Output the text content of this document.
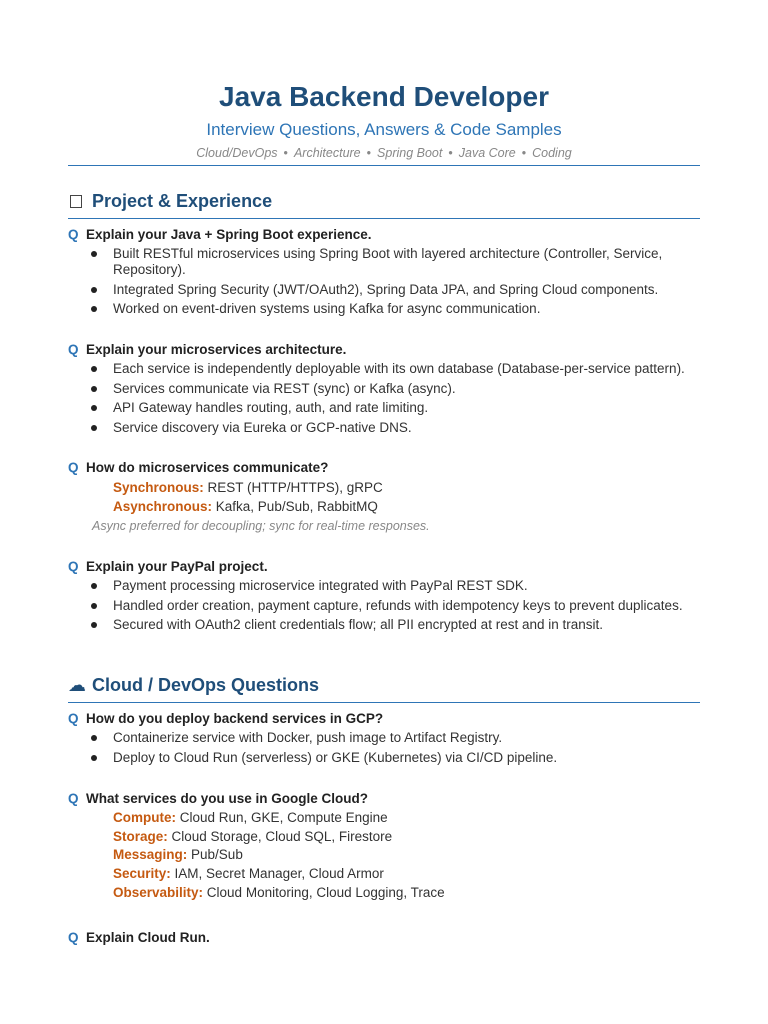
Java Backend Developer
Interview Questions, Answers & Code Samples
Cloud/DevOps • Architecture • Spring Boot • Java Core • Coding
Project & Experience
Q Explain your Java + Spring Boot experience.
Built RESTful microservices using Spring Boot with layered architecture (Controller, Service, Repository).
Integrated Spring Security (JWT/OAuth2), Spring Data JPA, and Spring Cloud components.
Worked on event-driven systems using Kafka for async communication.
Q Explain your microservices architecture.
Each service is independently deployable with its own database (Database-per-service pattern).
Services communicate via REST (sync) or Kafka (async).
API Gateway handles routing, auth, and rate limiting.
Service discovery via Eureka or GCP-native DNS.
Q How do microservices communicate?
Synchronous: REST (HTTP/HTTPS), gRPC
Asynchronous: Kafka, Pub/Sub, RabbitMQ
Async preferred for decoupling; sync for real-time responses.
Q Explain your PayPal project.
Payment processing microservice integrated with PayPal REST SDK.
Handled order creation, payment capture, refunds with idempotency keys to prevent duplicates.
Secured with OAuth2 client credentials flow; all PII encrypted at rest and in transit.
☁ Cloud / DevOps Questions
Q How do you deploy backend services in GCP?
Containerize service with Docker, push image to Artifact Registry.
Deploy to Cloud Run (serverless) or GKE (Kubernetes) via CI/CD pipeline.
Q What services do you use in Google Cloud?
Compute: Cloud Run, GKE, Compute Engine
Storage: Cloud Storage, Cloud SQL, Firestore
Messaging: Pub/Sub
Security: IAM, Secret Manager, Cloud Armor
Observability: Cloud Monitoring, Cloud Logging, Trace
Q Explain Cloud Run.
